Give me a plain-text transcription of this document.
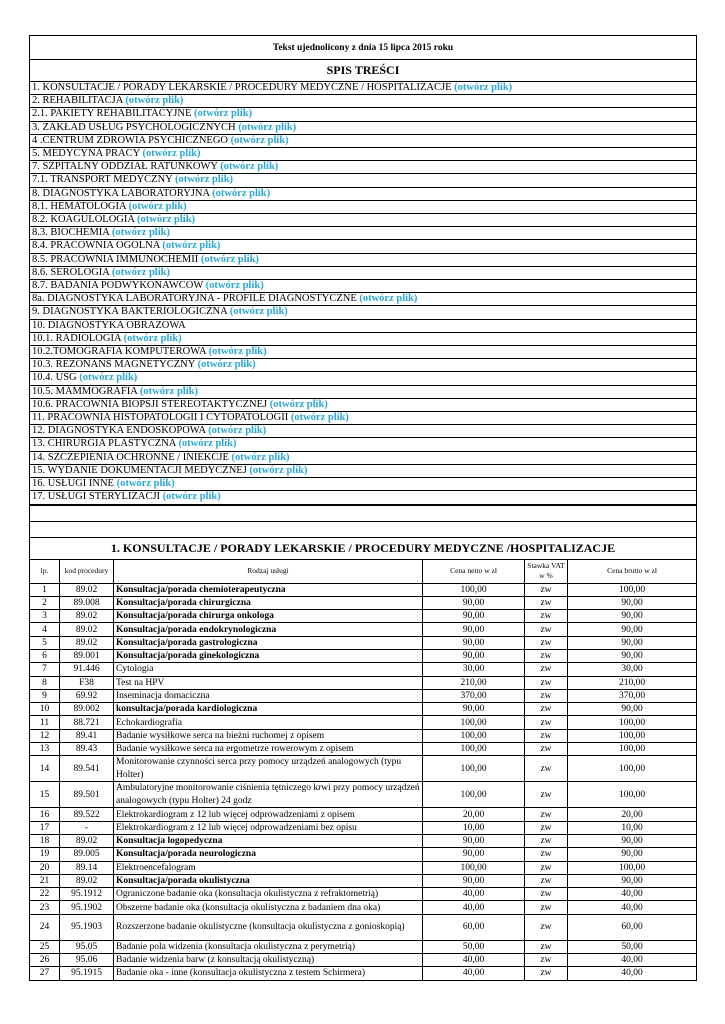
Tekst ujednolicony z dnia 15 lipca 2015 roku
SPIS TREŚCI
1. KONSULTACJE / PORADY LEKARSKIE / PROCEDURY MEDYCZNE / HOSPITALIZACJE (otwórz plik)
2. REHABILITACJA (otwórz plik)
2.1. PAKIETY REHABILITACYJNE (otwórz plik)
3. ZAKŁAD USŁUG PSYCHOLOGICZNYCH (otwórz plik)
4 .CENTRUM ZDROWIA PSYCHICZNEGO (otwórz plik)
5. MEDYCYNA PRACY (otwórz plik)
7. SZPITALNY ODDZIAŁ RATUNKOWY (otwórz plik)
7.1. TRANSPORT MEDYCZNY (otwórz plik)
8. DIAGNOSTYKA LABORATORYJNA (otwórz plik)
8.1. HEMATOLOGIA (otwórz plik)
8.2. KOAGULOLOGIA (otwórz plik)
8.3. BIOCHEMIA (otwórz plik)
8.4. PRACOWNIA OGÓLNA (otwórz plik)
8.5. PRACOWNIA IMMUNOCHEMII (otwórz plik)
8.6. SEROLOGIA (otwórz plik)
8.7. BADANIA PODWYKONAWCÓW (otwórz plik)
8a. DIAGNOSTYKA LABORATORYJNA - PROFILE DIAGNOSTYCZNE (otwórz plik)
9. DIAGNOSTYKA BAKTERIOLOGICZNA (otwórz plik)
10. DIAGNOSTYKA OBRAZOWA
10.1. RADIOLOGIA (otwórz plik)
10.2.TOMOGRAFIA KOMPUTEROWA (otwórz plik)
10.3. REZONANS MAGNETYCZNY (otwórz plik)
10.4. USG (otwórz plik)
10.5. MAMMOGRAFIA (otwórz plik)
10.6. PRACOWNIA BIOPSJI STEREOTAKTYCZNEJ (otwórz plik)
11. PRACOWNIA HISTOPATOLOGII I CYTOPATOLOGII (otwórz plik)
12. DIAGNOSTYKA ENDOSKOPOWA (otwórz plik)
13. CHIRURGIA PLASTYCZNA (otwórz plik)
14. SZCZEPIENIA OCHRONNE / INIEKCJE (otwórz plik)
15. WYDANIE DOKUMENTACJI MEDYCZNEJ (otwórz plik)
16. USŁUGI INNE (otwórz plik)
17. USŁUGI STERYLIZACJI (otwórz plik)

1. KONSULTACJE / PORADY LEKARSKIE / PROCEDURY MEDYCZNE /HOSPITALIZACJE					
lp.	kod procedury	Rodzaj usługi	Cena netto w zł	Stawka VAT w %	Cena brutto w zł
1	89.02	Konsultacja/porada chemioterapeutyczna	100,00	zw	100,00
2	89.008	Konsultacja/porada chirurgiczna	90,00	zw	90,00
3	89.02	Konsultacja/porada chirurga onkologa	90,00	zw	90,00
4	89.02	Konsultacja/porada endokrynologiczna	90,00	zw	90,00
5	89.02	Konsultacja/porada gastrologiczna	90,00	zw	90,00
6	89.001	Konsultacja/porada ginekologiczna	90,00	zw	90,00
7	91.446	Cytologia	30,00	zw	30,00
8	F38	Test na HPV	210,00	zw	210,00
9	69.92	Inseminacja domaciczna	370,00	zw	370,00
10	89.002	konsultacja/porada kardiologiczna	90,00	zw	90,00
11	88.721	Echokardiografia	100,00	zw	100,00
12	89.41	Badanie wysiłkowe serca na bieżni ruchomej z opisem	100,00	zw	100,00
13	89.43	Badanie wysiłkowe serca na ergometrze rowerowym z opisem	100,00	zw	100,00
14	89.541	Monitorowanie czynności serca przy pomocy urządzeń analogowych (typu Holter)	100,00	zw	100,00
15	89.501	Ambulatoryjne monitorowanie ciśnienia tętniczego krwi przy pomocy urządzeń analogowych (typu Holter) 24 godz	100,00	zw	100,00
16	89.522	Elektrokardiogram z 12 lub więcej odprowadzeniami z opisem	20,00	zw	20,00
17	-	Elektrokardiogram z 12 lub więcej odprowadzeniami bez opisu	10,00	zw	10,00
18	89.02	Konsultacja logopedyczna	90,00	zw	90,00
19	89.005	Konsultacja/porada neurologiczna	90,00	zw	90,00
20	89.14	Elektroencefalogram	100,00	zw	100,00
21	89.02	Konsultacja/porada okulistyczna	90,00	zw	90,00
22	95.1912	Ograniczone badanie oka (konsultacja okulistyczna z refraktometrią)	40,00	zw	40,00
23	95.1902	Obszerne badanie oka (konsultacja okulistyczna z badaniem dna oka)	40,00	zw	40,00
24	95.1903	Rozszerzone badanie okulistyczne (konsultacja okulistyczna z gonioskopią)	60,00	zw	60,00
25	95.05	Badanie pola widzenia (konsultacja okulistyczna z perymetrią)	50,00	zw	50,00
26	95.06	Badanie widzenia barw (z konsultacją okulistyczną)	40,00	zw	40,00
27	95.1915	Badanie oka - inne (konsultacja okulistyczna z testem Schirmera)	40,00	zw	40,00
